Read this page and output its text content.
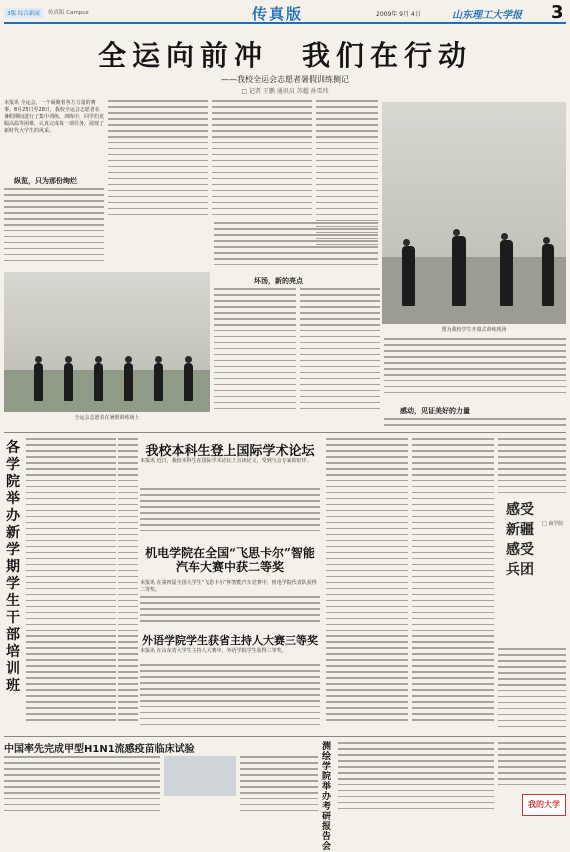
3版 综合新闻	传真版 Campus	传真版	2009年 9月 4日	山东理工大学报 3
全运向前冲　我们在行动
——我校全运会志愿者暑假训练侧记
□ 记者 王鹏 通讯员 苏超 孙雪玮
本报讯 全运会，一个凝聚着各方力量的赛事。8月25日至28日，我校全运会志愿者在暑假期间进行了集中训练。训练中，同学们克服高温等困难，认真完成每一项任务，展现了新时代大学生的风采。
图为我校学生开幕式训练现场
纵览，只为那份绚烂
全运会志愿者在暑假训练场上
坏汤，新的亮点
感动，见证美好的力量
各学院举办新学期学生干部培训班
我校本科生登上国际学术论坛
本报讯 近日，我校本科生在国际学术论坛上宣读论文，受到与会专家的好评。
机电学院在全国“飞思卡尔”智能汽车大赛中获二等奖
本报讯 在第四届全国大学生“飞思卡尔”杯智能汽车竞赛中，机电学院代表队获得二等奖。
外语学院学生获省主持人大赛三等奖
本报讯 在山东省大学生主持人大赛中，外语学院学生获得三等奖。
感受新疆感受兵团
□ 商学院
中国率先完成甲型H1N1流感疫苗临床试验	测绘学院举办考研报告会
我的大学
